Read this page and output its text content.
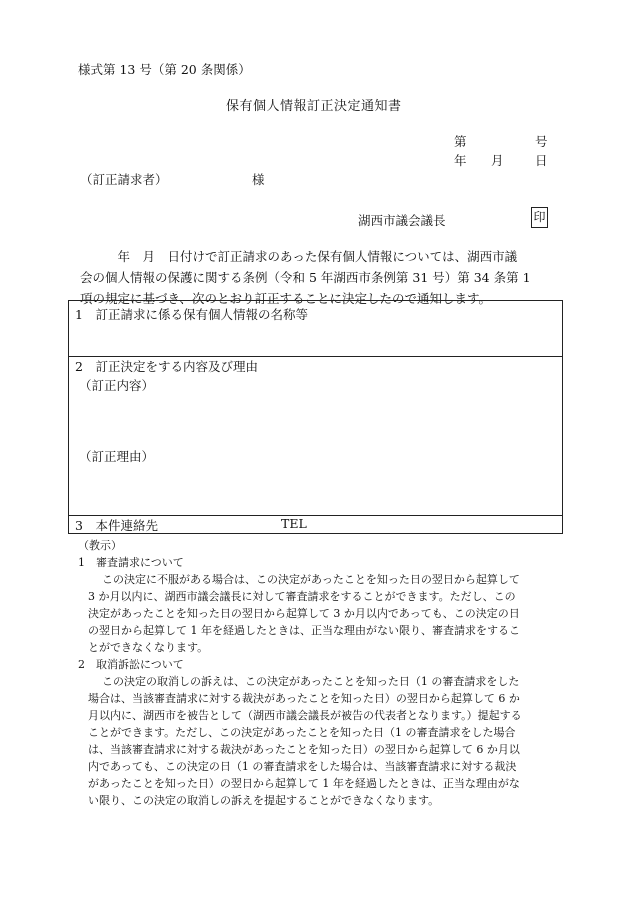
様式第 13 号（第 20 条関係）
保有個人情報訂正決定通知書
第	号
年 月	日
（訂正請求者）	様
湖西市議会議長	印
　　　年　月　日付けで訂正請求のあった保有個人情報については、湖西市議
会の個人情報の保護に関する条例（令和 5 年湖西市条例第 31 号）第 34 条第 1
項の規定に基づき、次のとおり訂正することに決定したので通知します。
1　訂正請求に係る保有個人情報の名称等
2　訂正決定をする内容及び理由
（訂正内容）
（訂正理由）
3　本件連絡先	TEL
（教示）
1　審査請求について
この決定に不服がある場合は、この決定があったことを知った日の翌日から起算して
3 か月以内に、湖西市議会議長に対して審査請求をすることができます。ただし、この
決定があったことを知った日の翌日から起算して 3 か月以内であっても、この決定の日
の翌日から起算して 1 年を経過したときは、正当な理由がない限り、審査請求をするこ
とができなくなります。
2　取消訴訟について
この決定の取消しの訴えは、この決定があったことを知った日（1 の審査請求をした
場合は、当該審査請求に対する裁決があったことを知った日）の翌日から起算して 6 か
月以内に、湖西市を被告として（湖西市議会議長が被告の代表者となります。）提起する
ことができます。ただし、この決定があったことを知った日（1 の審査請求をした場合
は、当該審査請求に対する裁決があったことを知った日）の翌日から起算して 6 か月以
内であっても、この決定の日（1 の審査請求をした場合は、当該審査請求に対する裁決
があったことを知った日）の翌日から起算して 1 年を経過したときは、正当な理由がな
い限り、この決定の取消しの訴えを提起することができなくなります。
